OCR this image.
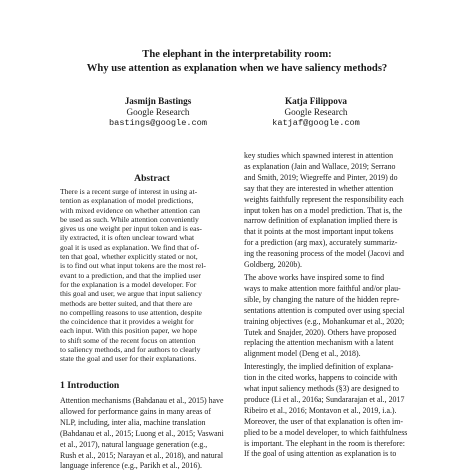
The elephant in the interpretability room:
Why use attention as explanation when we have saliency methods?
Jasmijn Bastings
Google Research
bastings@google.com
Katja Filippova
Google Research
katjaf@google.com
Abstract
There is a recent surge of interest in using at-
tention as explanation of model predictions,
with mixed evidence on whether attention can
be used as such. While attention conveniently
gives us one weight per input token and is eas-
ily extracted, it is often unclear toward what
goal it is used as explanation. We find that of-
ten that goal, whether explicitly stated or not,
is to find out what input tokens are the most rel-
evant to a prediction, and that the implied user
for the explanation is a model developer. For
this goal and user, we argue that input saliency
methods are better suited, and that there are
no compelling reasons to use attention, despite
the coincidence that it provides a weight for
each input. With this position paper, we hope
to shift some of the recent focus on attention
to saliency methods, and for authors to clearly
state the goal and user for their explanations.
1 Introduction
Attention mechanisms (Bahdanau et al., 2015) have
allowed for performance gains in many areas of
NLP, including, inter alia, machine translation
(Bahdanau et al., 2015; Luong et al., 2015; Vaswani
et al., 2017), natural language generation (e.g.,
Rush et al., 2015; Narayan et al., 2018), and natural
language inference (e.g., Parikh et al., 2016).
key studies which spawned interest in attention
as explanation (Jain and Wallace, 2019; Serrano
and Smith, 2019; Wiegreffe and Pinter, 2019) do
say that they are interested in whether attention
weights faithfully represent the responsibility each
input token has on a model prediction. That is, the
narrow definition of explanation implied there is
that it points at the most important input tokens
for a prediction (arg max), accurately summariz-
ing the reasoning process of the model (Jacovi and
Goldberg, 2020b).
The above works have inspired some to find
ways to make attention more faithful and/or plau-
sible, by changing the nature of the hidden repre-
sentations attention is computed over using special
training objectives (e.g., Mohankumar et al., 2020;
Tutek and Snajder, 2020). Others have proposed
replacing the attention mechanism with a latent
alignment model (Deng et al., 2018).
Interestingly, the implied definition of explana-
tion in the cited works, happens to coincide with
what input saliency methods (§3) are designed to
produce (Li et al., 2016a; Sundararajan et al., 2017
Ribeiro et al., 2016; Montavon et al., 2019, i.a.).
Moreover, the user of that explanation is often im-
plied to be a model developer, to which faithfulness
is important. The elephant in the room is therefore:
If the goal of using attention as explanation is to
